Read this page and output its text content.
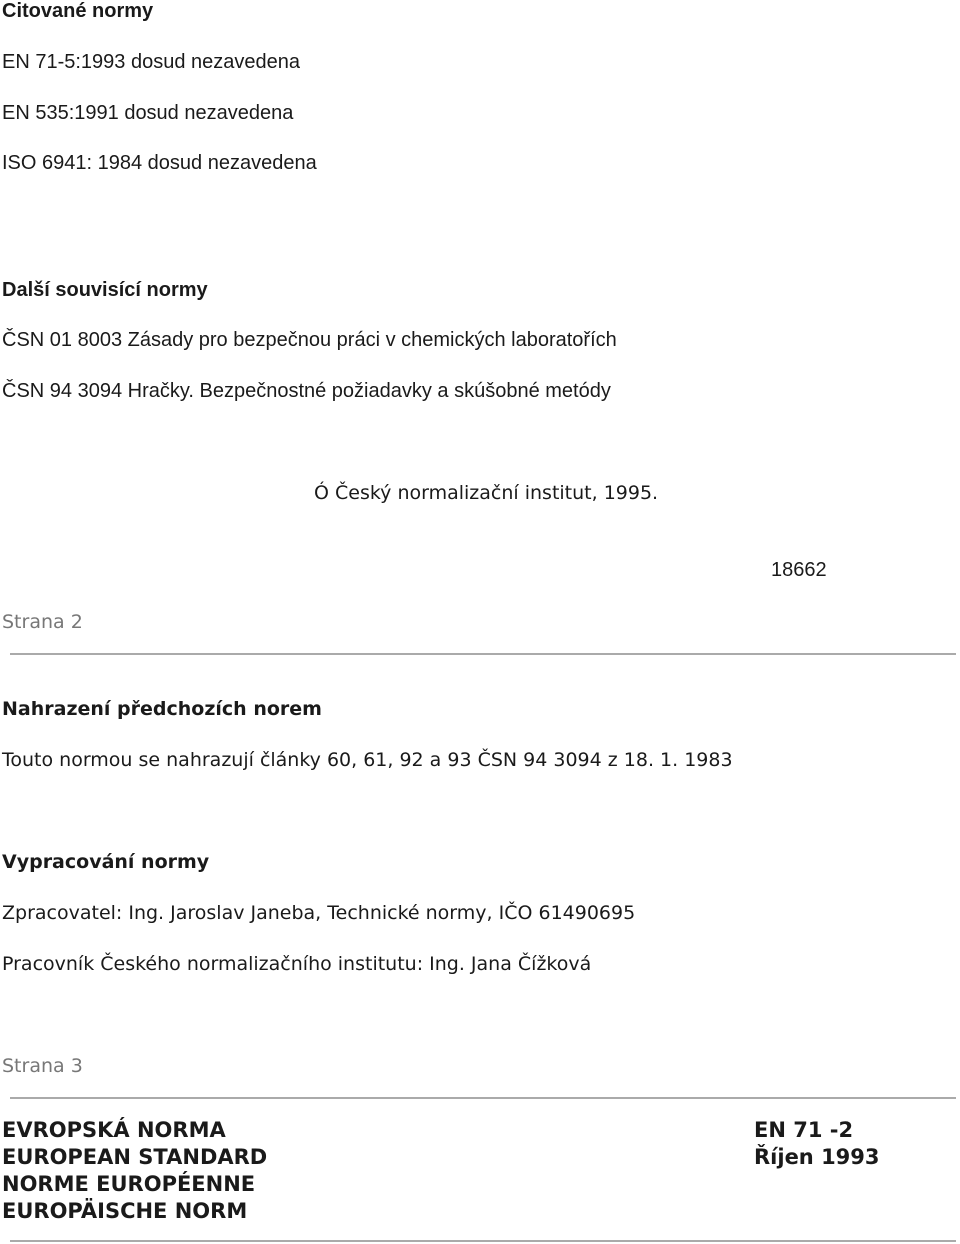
Citované normy
EN 71-5:1993 dosud nezavedena
EN 535:1991 dosud nezavedena
ISO 6941: 1984 dosud nezavedena
Další souvisící normy
ČSN 01 8003 Zásady pro bezpečnou práci v chemických laboratořích
ČSN 94 3094 Hračky. Bezpečnostné požiadavky a skúšobné metódy
Ó Český normalizační institut, 1995.
18662
Strana 2
Nahrazení předchozích norem
Touto normou se nahrazují články 60, 61, 92 a 93 ČSN 94 3094 z 18. 1. 1983
Vypracování normy
Zpracovatel: Ing. Jaroslav Janeba, Technické normy, IČO 61490695
Pracovník Českého normalizačního institutu: Ing. Jana Čížková
Strana 3
EVROPSKÁ NORMA
EUROPEAN STANDARD
NORME EUROPÉENNE
EUROPÄISCHE NORM
EN 71 -2
Říjen 1993
